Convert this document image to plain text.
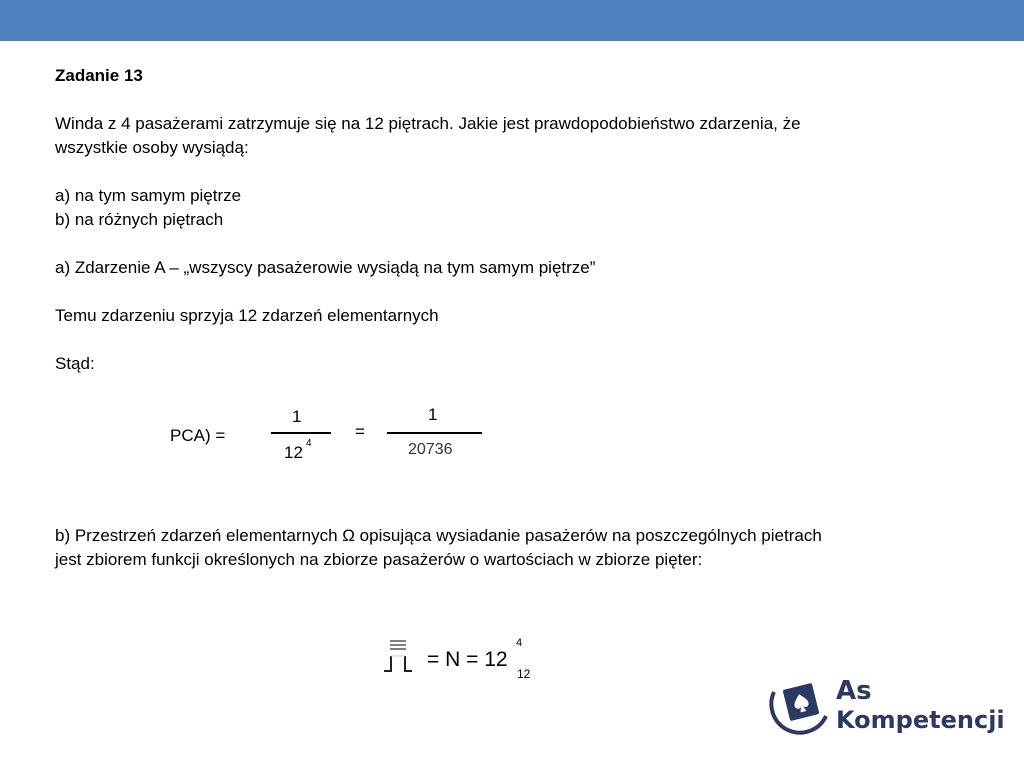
Zadanie 13
Winda z 4 pasażerami zatrzymuje się na 12 piętrach. Jakie jest prawdopodobieństwo zdarzenia, że
wszystkie osoby wysiądą:
a) na tym samym piętrze
b) na różnych piętrach
a) Zdarzenie A – „wszyscy pasażerowie wysiądą na tym samym piętrze”
Temu zdarzeniu sprzyja 12 zdarzeń elementarnych
Stąd:
PCA) =
1
12 4
=
1
20736
b) Przestrzeń zdarzeń elementarnych Ω opisująca wysiadanie pasażerów na poszczególnych pietrach
jest zbiorem funkcji określonych na zbiorze pasażerów o wartościach w zbiorze pięter:
= N = 12
4
12
As
Kompetencji
